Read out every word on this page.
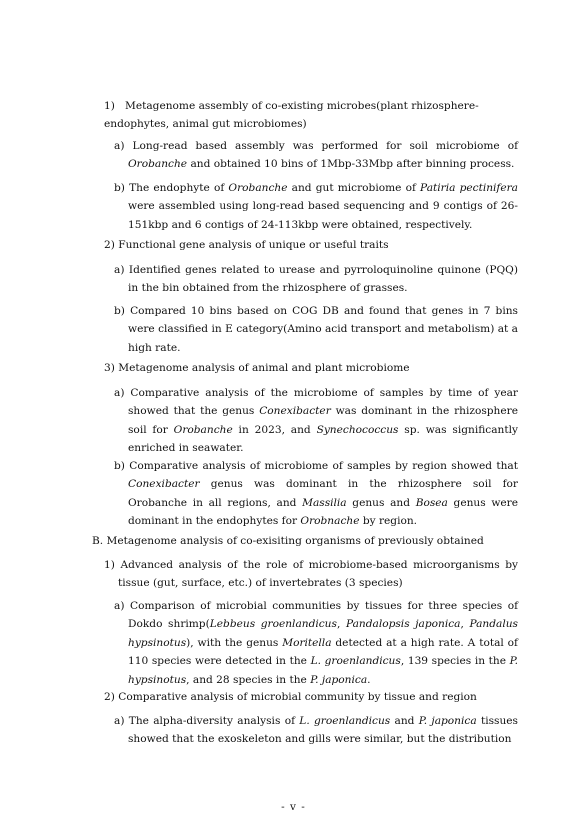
1) Metagenome assembly of co-existing microbes(plant rhizosphere-endophytes, animal gut microbiomes)

a) Long-read based assembly was performed for soil microbiome of Orobanche and obtained 10 bins of 1Mbp-33Mbp after binning process.

b) The endophyte of Orobanche and gut microbiome of Patiria pectinifera were assembled using long-read based sequencing and 9 contigs of 26-151kbp and 6 contigs of 24-113kbp were obtained, respectively.

2) Functional gene analysis of unique or useful traits

a) Identified genes related to urease and pyrroloquinoline quinone (PQQ) in the bin obtained from the rhizosphere of grasses.

b) Compared 10 bins based on COG DB and found that genes in 7 bins were classified in E category(Amino acid transport and metabolism) at a high rate.

3) Metagenome analysis of animal and plant microbiome

a) Comparative analysis of the microbiome of samples by time of year showed that the genus Conexibacter was dominant in the rhizosphere soil for Orobanche in 2023, and Synechococcus sp. was significantly enriched in seawater.

b) Comparative analysis of microbiome of samples by region showed that Conexibacter genus was dominant in the rhizosphere soil for Orobanche in all regions, and Massilia genus and Bosea genus were dominant in the endophytes for Orobnache by region.

B. Metagenome analysis of co-exisiting organisms of previously obtained

1) Advanced analysis of the role of microbiome-based microorganisms by tissue (gut, surface, etc.) of invertebrates (3 species)

a) Comparison of microbial communities by tissues for three species of Dokdo shrimp(Lebbeus groenlandicus, Pandalopsis japonica, Pandalus hypsinotus), with the genus Moritella detected at a high rate. A total of 110 species were detected in the L. groenlandicus, 139 species in the P. hypsinotus, and 28 species in the P. japonica.

2) Comparative analysis of microbial community by tissue and region

a) The alpha-diversity analysis of L. groenlandicus and P. japonica tissues showed that the exoskeleton and gills were similar, but the distribution

- v -
